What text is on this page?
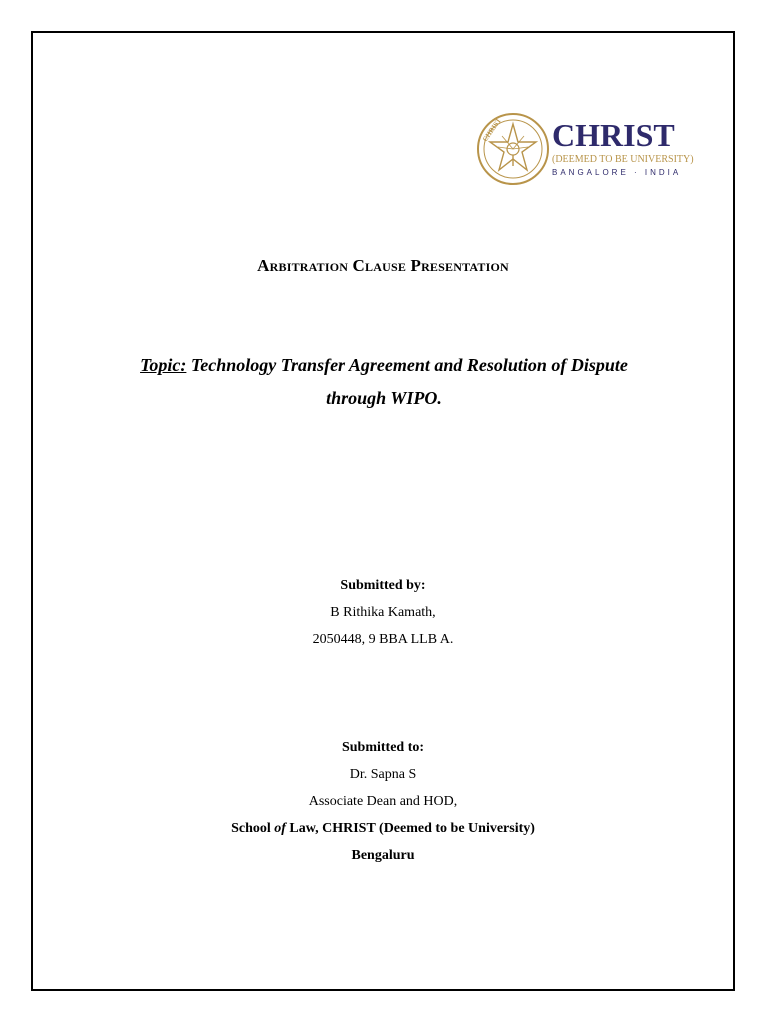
CHRIST CHRIST
(DEEMED TO BE UNIVERSITY)
BANGALORE · INDIA
Arbitration Clause Presentation
Topic: Technology Transfer Agreement and Resolution of Dispute through WIPO.
Submitted by:
B Rithika Kamath,
2050448, 9 BBA LLB A.
Submitted to:
Dr. Sapna S
Associate Dean and HOD,
School of Law, CHRIST (Deemed to be University)
Bengaluru
